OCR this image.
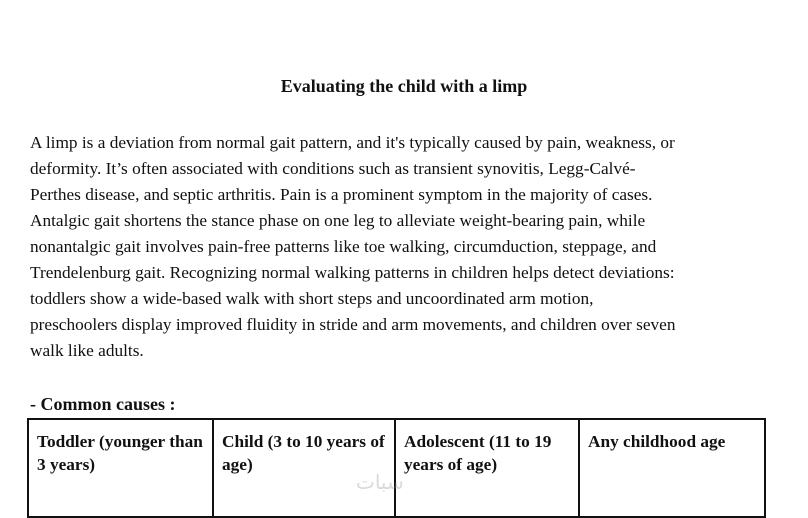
Evaluating the child with a limp

A limp is a deviation from normal gait pattern, and it's typically caused by pain, weakness, or
deformity. It’s often associated with conditions such as transient synovitis, Legg-Calvé-
Perthes disease, and septic arthritis. Pain is a prominent symptom in the majority of cases.
Antalgic gait shortens the stance phase on one leg to alleviate weight-bearing pain, while
nonantalgic gait involves pain-free patterns like toe walking, circumduction, steppage, and
Trendelenburg gait. Recognizing normal walking patterns in children helps detect deviations:
toddlers show a wide-based walk with short steps and uncoordinated arm motion,
preschoolers display improved fluidity in stride and arm movements, and children over seven
walk like adults.

- Common causes :
Toddler (younger than 3 years)	Child (3 to 10 years of age)	Adolescent (11 to 19 years of age)	Any childhood age
سبات
